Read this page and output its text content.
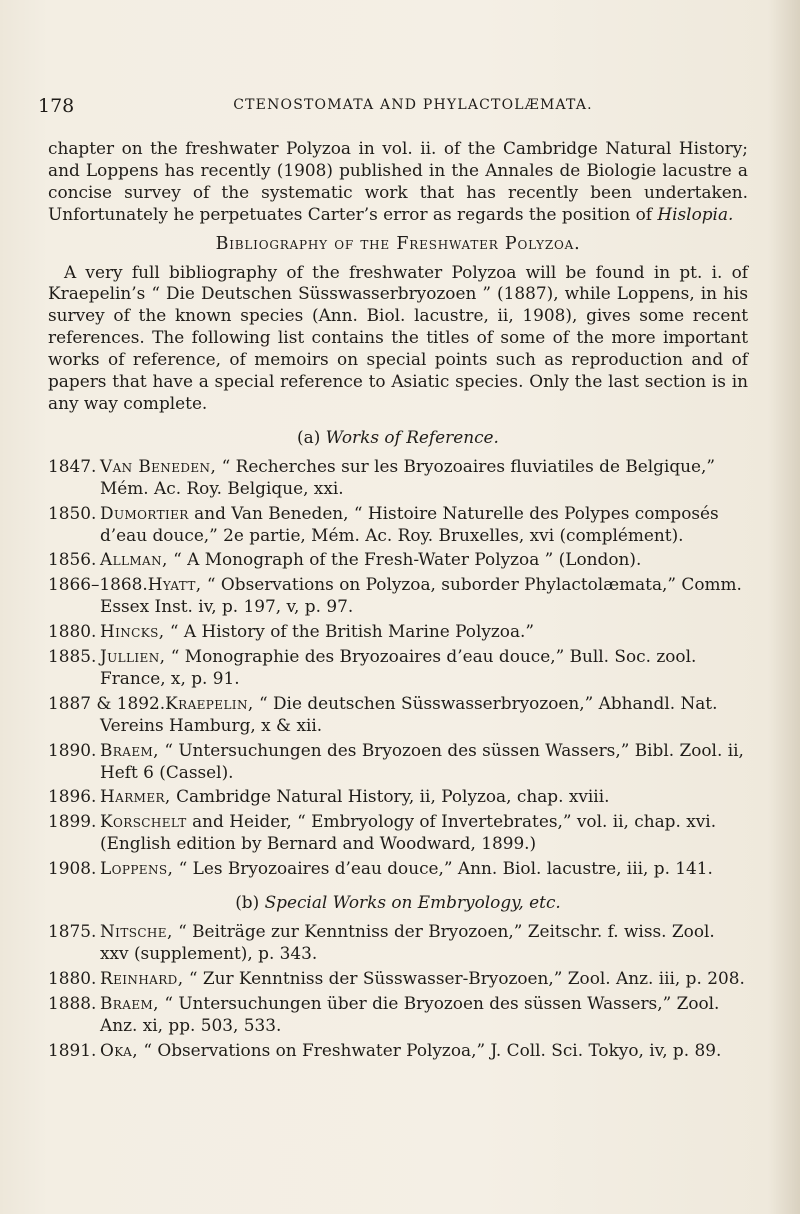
178	CTENOSTOMATA AND PHYLACTOLÆMATA.

chapter on the freshwater Polyzoa in vol. ii. of the Cambridge Natural History; and Loppens has recently (1908) published in the Annales de Biologie lacustre a concise survey of the systematic work that has recently been undertaken. Unfortunately he perpetuates Carter’s error as regards the position of Hislopia.

Bibliography of the Freshwater Polyzoa.

A very full bibliography of the freshwater Polyzoa will be found in pt. i. of Kraepelin’s “ Die Deutschen Süsswasserbryozoen ” (1887), while Loppens, in his survey of the known species (Ann. Biol. lacustre, ii, 1908), gives some recent references. The following list contains the titles of some of the more important works of reference, of memoirs on special points such as reproduction and of papers that have a special reference to Asiatic species. Only the last section is in any way complete.

(a) Works of Reference.
1847. Van Beneden, “ Recherches sur les Bryozoaires fluviatiles de Belgique,” Mém. Ac. Roy. Belgique, xxi.
1850. Dumortier and Van Beneden, “ Histoire Naturelle des Polypes composés d’eau douce,” 2e partie, Mém. Ac. Roy. Bruxelles, xvi (complément).
1856. Allman, “ A Monograph of the Fresh-Water Polyzoa ” (London).
1866–1868.Hyatt, “ Observations on Polyzoa, suborder Phylactolæmata,” Comm. Essex Inst. iv, p. 197, v, p. 97.
1880. Hincks, “ A History of the British Marine Polyzoa.”
1885. Jullien, “ Monographie des Bryozoaires d’eau douce,” Bull. Soc. zool. France, x, p. 91.
1887 & 1892.Kraepelin, “ Die deutschen Süsswasserbryozoen,” Abhandl. Nat. Vereins Hamburg, x & xii.
1890. Braem, “ Untersuchungen des Bryozoen des süssen Wassers,” Bibl. Zool. ii, Heft 6 (Cassel).
1896. Harmer, Cambridge Natural History, ii, Polyzoa, chap. xviii.
1899. Korschelt and Heider, “ Embryology of Invertebrates,” vol. ii, chap. xvi. (English edition by Bernard and Woodward, 1899.)
1908. Loppens, “ Les Bryozoaires d’eau douce,” Ann. Biol. lacustre, iii, p. 141.
(b) Special Works on Embryology, etc.
1875. Nitsche, “ Beiträge zur Kenntniss der Bryozoen,” Zeitschr. f. wiss. Zool. xxv (supplement), p. 343.
1880. Reinhard, “ Zur Kenntniss der Süsswasser-Bryozoen,” Zool. Anz. iii, p. 208.
1888. Braem, “ Untersuchungen über die Bryozoen des süssen Wassers,” Zool. Anz. xi, pp. 503, 533.
1891. Oka, “ Observations on Freshwater Polyzoa,” J. Coll. Sci. Tokyo, iv, p. 89.
